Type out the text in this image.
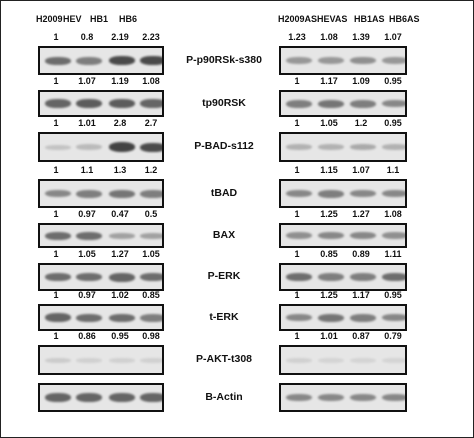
H2009 HEV HB1 HB6	H2009AS HEVAS HB1AS HB6AS
1 0.8 2.19 2.23	1.23 1.08 1.39 1.07
P-p90RSk-s380
1 1.07 1.19 1.08	1 1.17 1.09 0.95
tp90RSK
1 1.01 2.8 2.7	1 1.05 1.2 0.95
P-BAD-s112
1 1.1 1.3 1.2	1 1.15 1.07 1.1
tBAD
1 0.97 0.47 0.5	1 1.25 1.27 1.08
BAX
1 1.05 1.27 1.05	1 0.85 0.89 1.11
P-ERK
1 0.97 1.02 0.85	1 1.25 1.17 0.95
t-ERK
1 0.86 0.95 0.98	1 1.01 0.87 0.79
P-AKT-t308
B-Actin
